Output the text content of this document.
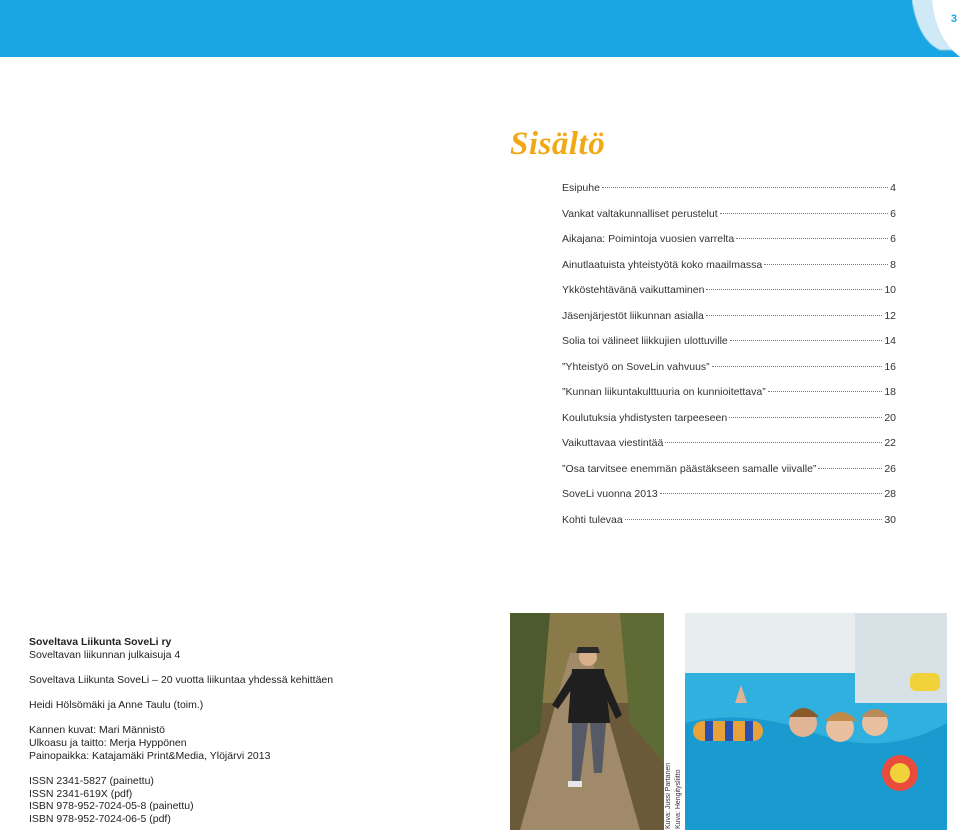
3
Sisältö
Esipuhe	4
Vankat valtakunnalliset perustelut	6
Aikajana: Poimintoja vuosien varrelta	6
Ainutlaatuista yhteistyötä koko maailmassa	8
Ykköstehtävänä vaikuttaminen	10
Jäsenjärjestöt liikunnan asialla	12
Solia toi välineet liikkujien ulottuville	14
”Yhteistyö on SoveLin vahvuus”	16
”Kunnan liikuntakulttuuria on kunnioitettava”	18
Koulutuksia yhdistysten tarpeeseen	20
Vaikuttavaa viestintää	22
”Osa tarvitsee enemmän päästäkseen samalle viivalle”	26
SoveLi vuonna 2013	28
Kohti tulevaa	30

Soveltava Liikunta SoveLi ry

Soveltavan liikunnan julkaisuja 4

Soveltava Liikunta SoveLi – 20 vuotta liikuntaa yhdessä kehittäen

Heidi Hölsömäki ja Anne Taulu (toim.)

Kannen kuvat: Mari Männistö

Ulkoasu ja taitto: Merja Hyppönen

Painopaikka: Katajamäki Print&Media, Ylöjärvi 2013

ISSN 2341-5827 (painettu)

ISSN 2341-619X (pdf)

ISBN 978-952-7024-05-8 (painettu)

ISBN 978-952-7024-06-5 (pdf)	Kuva: Jussi Partanen Kuva: Hengitysliitto
